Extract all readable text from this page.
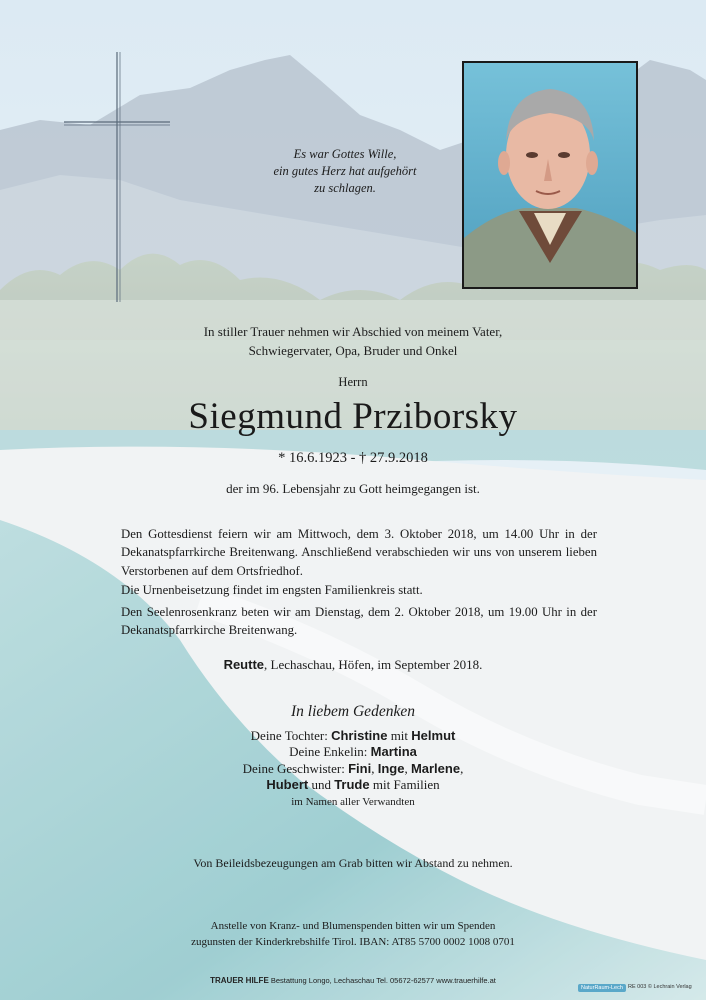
Es war Gottes Wille,
ein gutes Herz hat aufgehört
zu schlagen.
In stiller Trauer nehmen wir Abschied von meinem Vater,
Schwiegervater, Opa, Bruder und Onkel
Herrn
Siegmund Prziborsky
* 16.6.1923 - † 27.9.2018
der im 96. Lebensjahr zu Gott heimgegangen ist.
Den Gottesdienst feiern wir am Mittwoch, dem 3. Oktober 2018, um 14.00 Uhr in der Dekanatspfarrkirche Breitenwang. Anschließend verabschieden wir uns von unserem lieben Verstorbenen auf dem Ortsfriedhof.
Die Urnenbeisetzung findet im engsten Familienkreis statt.
Den Seelenrosenkranz beten wir am Dienstag, dem 2. Oktober 2018, um 19.00 Uhr in der Dekanatspfarrkirche Breitenwang.
Reutte, Lechaschau, Höfen, im September 2018.
In liebem Gedenken
Deine Tochter: Christine mit Helmut
Deine Enkelin: Martina
Deine Geschwister: Fini, Inge, Marlene,
Hubert und Trude mit Familien
im Namen aller Verwandten
Von Beileidsbezeugungen am Grab bitten wir Abstand zu nehmen.
Anstelle von Kranz- und Blumenspenden bitten wir um Spenden
zugunsten der Kinderkrebshilfe Tirol. IBAN: AT85 5700 0002 1008 0701
TRAUER HILFE Bestattung Longo, Lechaschau Tel. 05672-62577 www.trauerhilfe.at
NaturRaum-Lech RE 003 © Lechrain Verlag
